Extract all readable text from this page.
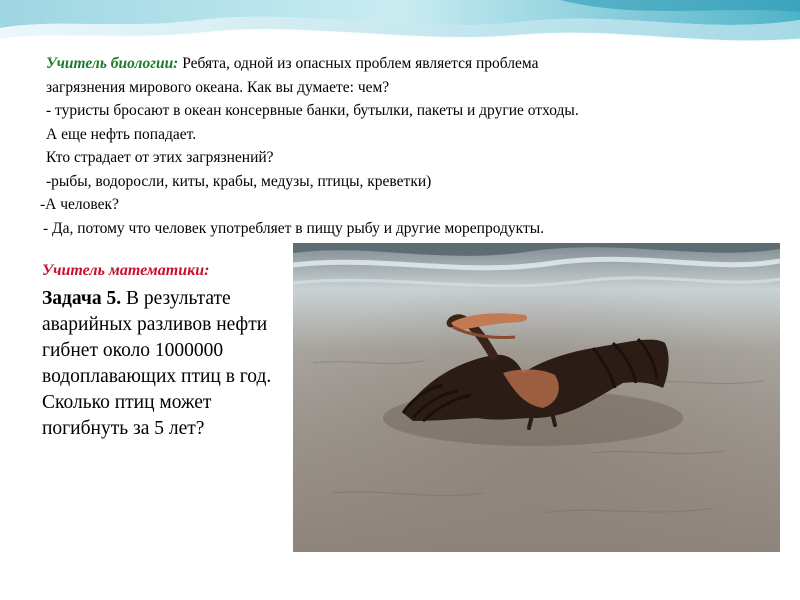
Учитель биологии: Ребята, одной из опасных проблем является проблема

загрязнения мирового океана. Как вы думаете: чем?

- туристы бросают в океан консервные банки, бутылки, пакеты и другие отходы.

А еще нефть попадает.

Кто страдает от этих загрязнений?

-рыбы, водоросли, киты, крабы, медузы, птицы, креветки)

-А человек?

- Да, потому что человек употребляет в пищу рыбу и другие морепродукты.

Учитель математики:
Задача 5. В результате аварийных разливов нефти гибнет около 1000000 водоплавающих птиц в год. Сколько птиц может погибнуть за 5 лет?
